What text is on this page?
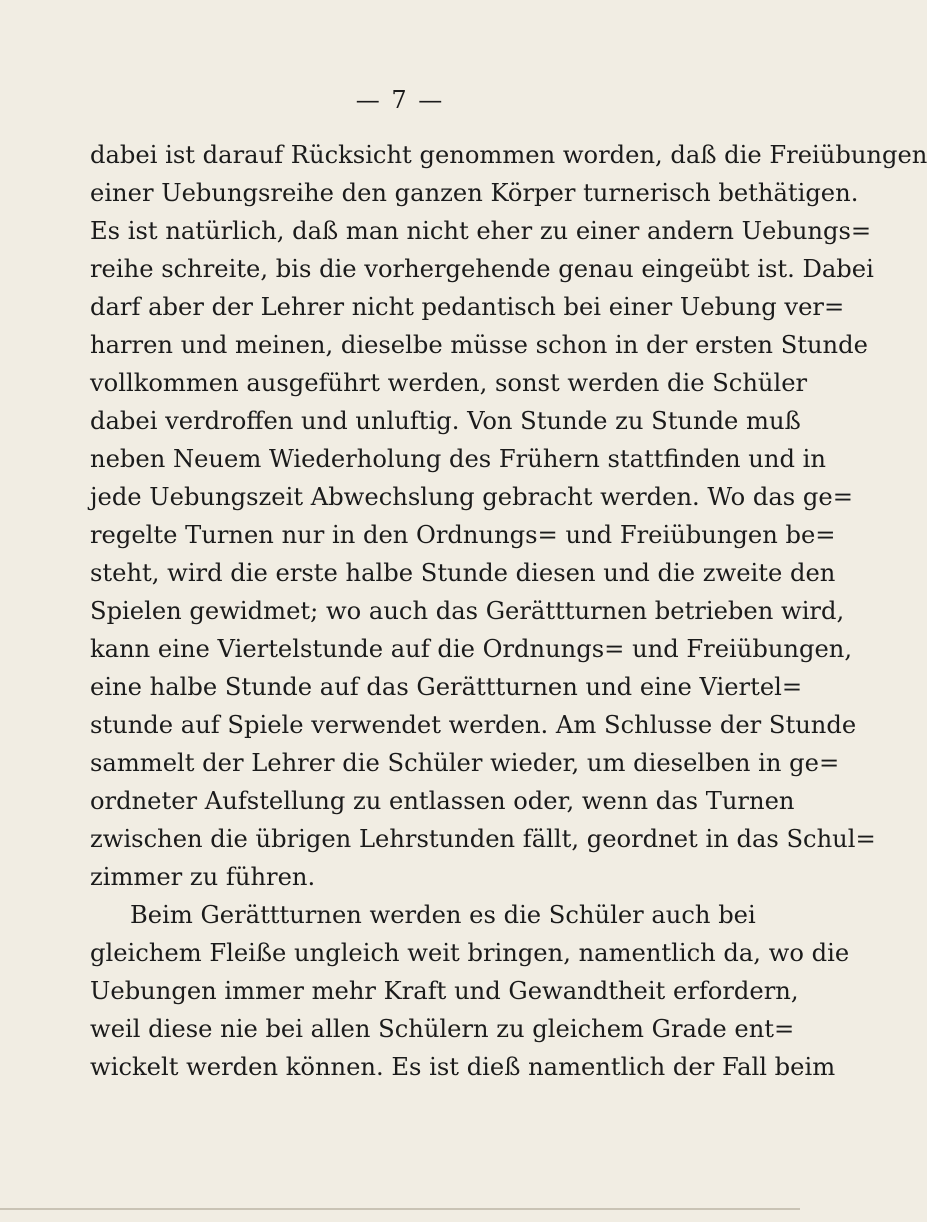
— 7 —
dabei ist darauf Rücksicht genommen worden, daß die Freiübungen
einer Uebungsreihe den ganzen Körper turnerisch bethätigen.
Es ist natürlich, daß man nicht eher zu einer andern Uebungs=
reihe schreite, bis die vorhergehende genau eingeübt ist. Dabei
darf aber der Lehrer nicht pedantisch bei einer Uebung ver=
harren und meinen, dieselbe müsse schon in der ersten Stunde
vollkommen ausgeführt werden, sonst werden die Schüler
dabei verdroffen und unluftig. Von Stunde zu Stunde muß
neben Neuem Wiederholung des Frühern stattfinden und in
jede Uebungszeit Abwechslung gebracht werden. Wo das ge=
regelte Turnen nur in den Ordnungs= und Freiübungen be=
steht, wird die erste halbe Stunde diesen und die zweite den
Spielen gewidmet; wo auch das Gerättturnen betrieben wird,
kann eine Viertelstunde auf die Ordnungs= und Freiübungen,
eine halbe Stunde auf das Gerättturnen und eine Viertel=
stunde auf Spiele verwendet werden. Am Schlusse der Stunde
sammelt der Lehrer die Schüler wieder, um dieselben in ge=
ordneter Aufstellung zu entlassen oder, wenn das Turnen
zwischen die übrigen Lehrstunden fällt, geordnet in das Schul=
zimmer zu führen.
Beim Gerättturnen werden es die Schüler auch bei
gleichem Fleiße ungleich weit bringen, namentlich da, wo die
Uebungen immer mehr Kraft und Gewandtheit erfordern,
weil diese nie bei allen Schülern zu gleichem Grade ent=
wickelt werden können. Es ist dieß namentlich der Fall beim
